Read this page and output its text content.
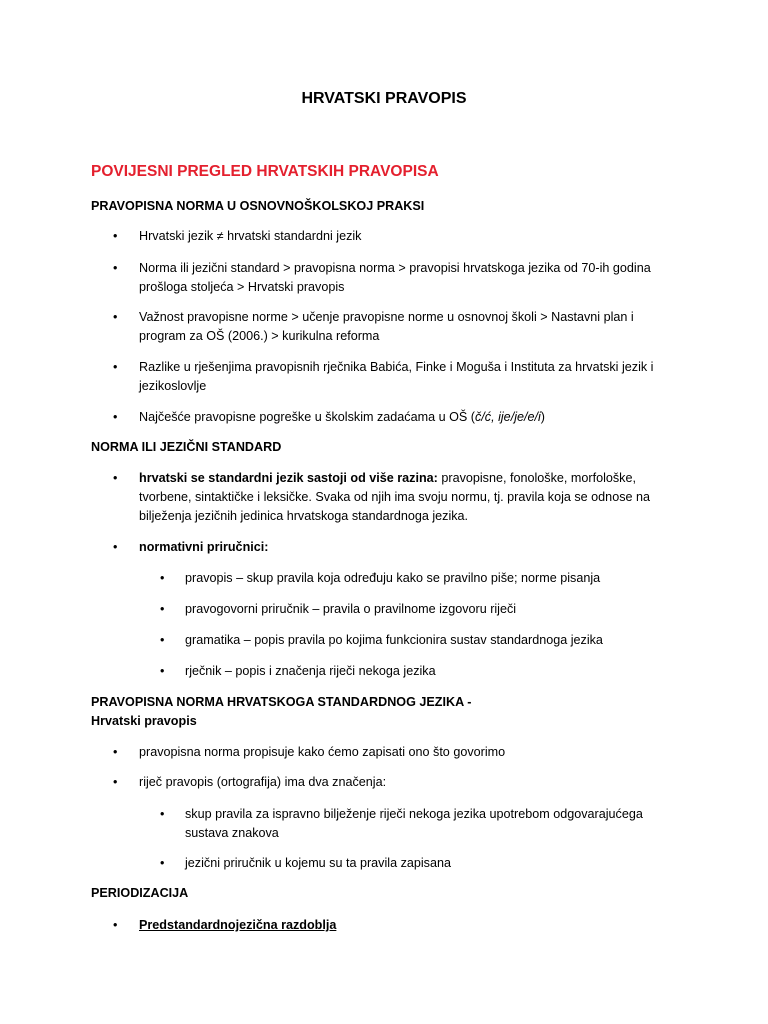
HRVATSKI PRAVOPIS
POVIJESNI PREGLED HRVATSKIH PRAVOPISA
PRAVOPISNA NORMA U OSNOVNOŠKOLSKOJ PRAKSI
• Hrvatski jezik ≠ hrvatski standardni jezik
• Norma ili jezični standard > pravopisna norma > pravopisi hrvatskoga jezika od 70-ih godina
prošloga stoljeća > Hrvatski pravopis
• Važnost pravopisne norme > učenje pravopisne norme u osnovnoj školi > Nastavni plan i
program za OŠ (2006.) > kurikulna reforma
• Razlike u rješenjima pravopisnih rječnika Babića, Finke i Moguša i Instituta za hrvatski jezik i
jezikoslovlje
• Najčešće pravopisne pogreške u školskim zadaćama u OŠ (č/ć, ije/je/e/i)
NORMA ILI JEZIČNI STANDARD
• hrvatski se standardni jezik sastoji od više razina: pravopisne, fonološke, morfološke,
tvorbene, sintaktičke i leksičke. Svaka od njih ima svoju normu, tj. pravila koja se odnose na
bilježenja jezičnih jedinica hrvatskoga standardnoga jezika.
• normativni priručnici:
• pravopis – skup pravila koja određuju kako se pravilno piše; norme pisanja
• pravogovorni priručnik – pravila o pravilnome izgovoru riječi
• gramatika – popis pravila po kojima funkcionira sustav standardnoga jezika
• rječnik – popis i značenja riječi nekoga jezika
PRAVOPISNA NORMA HRVATSKOGA STANDARDNOG JEZIKA -
Hrvatski pravopis
• pravopisna norma propisuje kako ćemo zapisati ono što govorimo
• riječ pravopis (ortografija) ima dva značenja:
• skup pravila za ispravno bilježenje riječi nekoga jezika upotrebom odgovarajućega
sustava znakova
• jezični priručnik u kojemu su ta pravila zapisana
PERIODIZACIJA
• Predstandardnojezična razdoblja
